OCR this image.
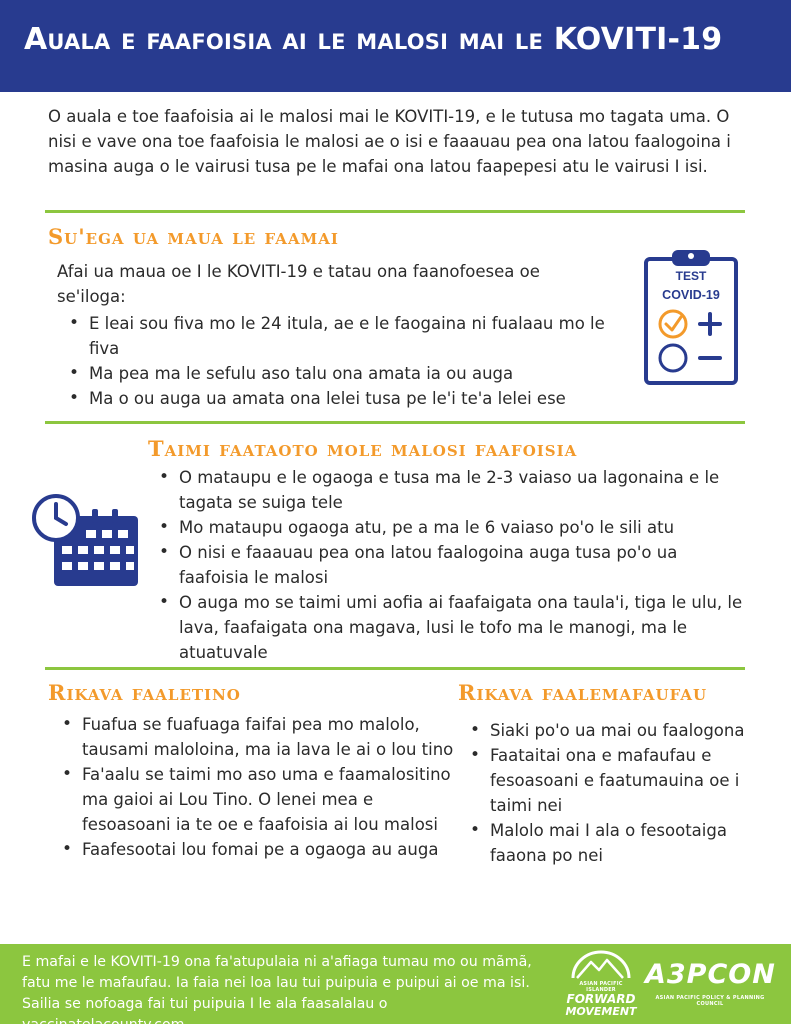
Auala e faafoisia ai le malosi mai le KOVITI-19
O auala e toe faafoisia ai le malosi mai le KOVITI-19, e le tutusa mo tagata uma. O nisi e vave ona toe faafoisia le malosi ae o isi e faaauau pea ona latou faalogoina i masina auga o le vairusi tusa pe le mafai ona latou faapepesi atu le vairusi I isi.
Su'ega ua maua le faamai
Afai ua maua oe I le KOVITI-19 e tatau ona faanofoesea oe se'iloga:
• E leai sou fiva mo le 24 itula, ae e le faogaina ni fualaau mo le fiva
• Ma pea ma le sefulu aso talu ona amata ia ou auga
• Ma o ou auga ua amata ona lelei tusa pe le'i te'a lelei ese
TEST
COVID-19
Taimi faataoto mole malosi faafoisia
• O mataupu e le ogaoga e tusa ma le 2-3 vaiaso ua lagonaina e le tagata se suiga tele
• Mo mataupu ogaoga atu, pe a ma le 6 vaiaso po'o le sili atu
• O nisi e faaauau pea ona latou faalogoina auga tusa po'o ua faafoisia le malosi
• O auga mo se taimi umi aofia ai faafaigata ona taula'i, tiga le ulu, le lava, faafaigata ona magava, lusi le tofo ma le manogi, ma le atuatuvale
Rikava faaletino
• Fuafua se fuafuaga faifai pea mo malolo, tausami maloloina, ma ia lava le ai o lou tino
• Fa'aalu se taimi mo aso uma e faamalositino ma gaioi ai Lou Tino. O lenei mea e fesoasoani ia te oe e faafoisia ai lou malosi
• Faafesootai lou fomai pe a ogaoga au auga
Rikava faalemafaufau
• Siaki po'o ua mai ou faalogona
• Faataitai ona e mafaufau e fesoasoani e faatumauina oe i taimi nei
• Malolo mai I ala o fesootaiga faaona po nei
E mafai e le KOVITI-19 ona fa'atupulaia ni a'afiaga tumau mo ou mãmã, fatu me le mafaufau. Ia faia nei loa lau tui puipuia e puipui ai oe ma isi. Sailia se nofoaga fai tui puipuia I le ala faasalalau o vaccinatelacounty.com
ASIAN PACIFIC ISLANDER
FORWARD
MOVEMENT
A3PCON
ASIAN PACIFIC POLICY & PLANNING COUNCIL
